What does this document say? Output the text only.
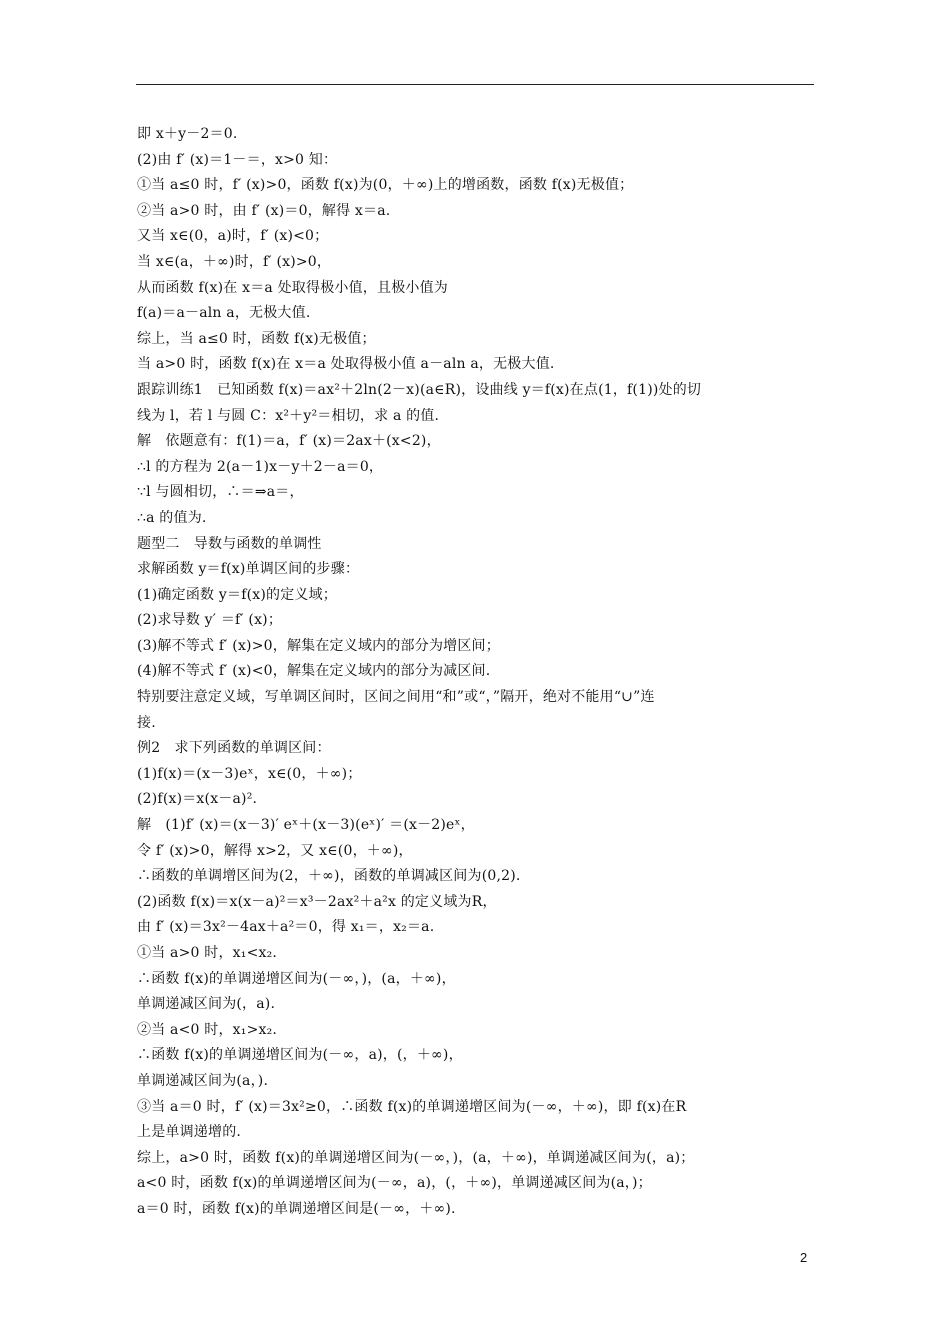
即 x＋y－2＝0.
(2)由 f′ (x)＝1－＝，x>0 知：
①当 a≤0 时，f′ (x)>0，函数 f(x)为(0，＋∞)上的增函数，函数 f(x)无极值；
②当 a>0 时，由 f′ (x)＝0，解得 x＝a.
又当 x∈(0，a)时，f′ (x)<0；
当 x∈(a，＋∞)时，f′ (x)>0，
从而函数 f(x)在 x＝a 处取得极小值，且极小值为
f(a)＝a－aln a，无极大值.
综上，当 a≤0 时，函数 f(x)无极值；
当 a>0 时，函数 f(x)在 x＝a 处取得极小值 a－aln a，无极大值.
跟踪训练1　已知函数 f(x)＝ax²＋2ln(2－x)(a∈R)，设曲线 y＝f(x)在点(1，f(1))处的切
线为 l，若 l 与圆 C：x²＋y²＝相切，求 a 的值.
解　依题意有：f(1)＝a，f′ (x)＝2ax＋(x<2)，
∴l 的方程为 2(a－1)x－y＋2－a＝0，
∵l 与圆相切，∴＝⇒a＝，
∴a 的值为.
题型二　导数与函数的单调性
求解函数 y＝f(x)单调区间的步骤：
(1)确定函数 y＝f(x)的定义域；
(2)求导数 y′ ＝f′ (x)；
(3)解不等式 f′ (x)>0，解集在定义域内的部分为增区间；
(4)解不等式 f′ (x)<0，解集在定义域内的部分为减区间.
特别要注意定义域，写单调区间时，区间之间用“和”或“，”隔开，绝对不能用“∪”连
接.
例2　求下列函数的单调区间：
(1)f(x)＝(x－3)eˣ，x∈(0，＋∞)；
(2)f(x)＝x(x－a)².
解　(1)f′ (x)＝(x－3)′ eˣ＋(x－3)(eˣ)′ ＝(x－2)eˣ，
令 f′ (x)>0，解得 x>2，又 x∈(0，＋∞)，
∴函数的单调增区间为(2，＋∞)，函数的单调减区间为(0,2).
(2)函数 f(x)＝x(x－a)²＝x³－2ax²＋a²x 的定义域为R，
由 f′ (x)＝3x²－4ax＋a²＝0，得 x₁＝，x₂＝a.
①当 a>0 时，x₁<x₂.
∴函数 f(x)的单调递增区间为(－∞，)，(a，＋∞)，
单调递减区间为(，a).
②当 a<0 时，x₁>x₂.
∴函数 f(x)的单调递增区间为(－∞，a)，(，＋∞)，
单调递减区间为(a，).
③当 a＝0 时，f′ (x)＝3x²≥0，∴函数 f(x)的单调递增区间为(－∞，＋∞)，即 f(x)在R
上是单调递增的.
综上，a>0 时，函数 f(x)的单调递增区间为(－∞，)，(a，＋∞)，单调递减区间为(，a)；
a<0 时，函数 f(x)的单调递增区间为(－∞，a)，(，＋∞)，单调递减区间为(a，)；
a＝0 时，函数 f(x)的单调递增区间是(－∞，＋∞).
2
